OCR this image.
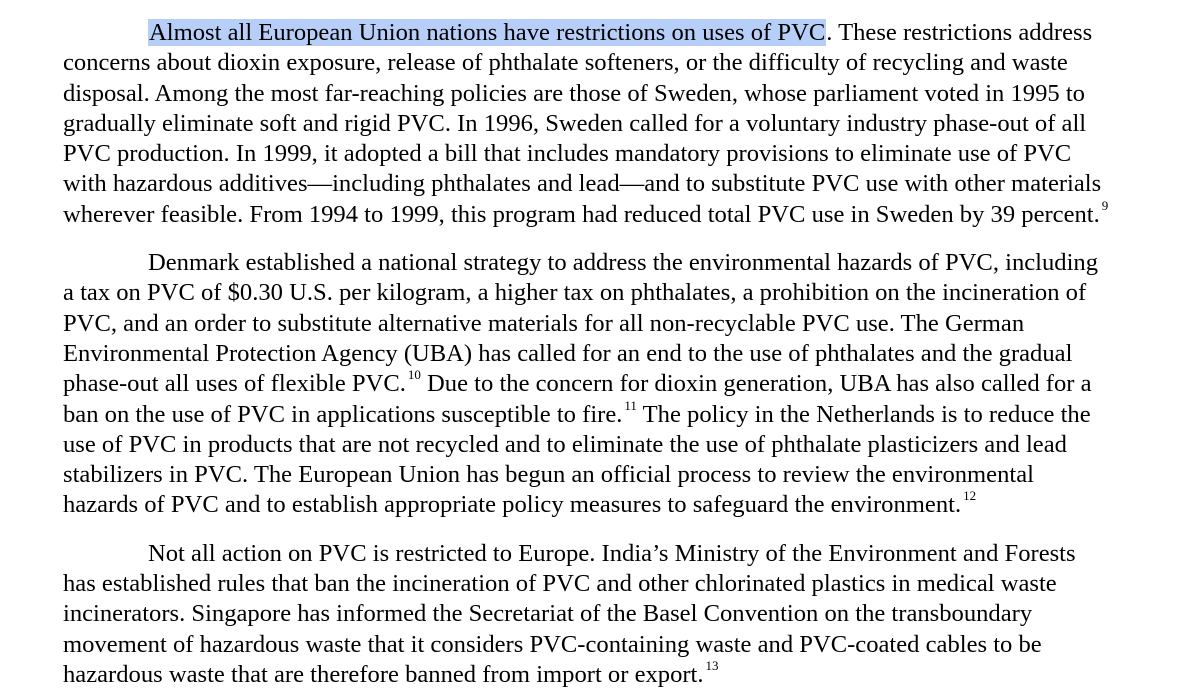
Almost all European Union nations have restrictions on uses of PVC. These restrictions address
concerns about dioxin exposure, release of phthalate softeners, or the difficulty of recycling and waste
disposal. Among the most far-reaching policies are those of Sweden, whose parliament voted in 1995 to
gradually eliminate soft and rigid PVC. In 1996, Sweden called for a voluntary industry phase-out of all
PVC production. In 1999, it adopted a bill that includes mandatory provisions to eliminate use of PVC
with hazardous additives—including phthalates and lead—and to substitute PVC use with other materials
wherever feasible. From 1994 to 1999, this program had reduced total PVC use in Sweden by 39 percent. $^9$
Denmark established a national strategy to address the environmental hazards of PVC, including
a tax on PVC of $0.30 U.S. per kilogram, a higher tax on phthalates, a prohibition on the incineration of
PVC, and an order to substitute alternative materials for all non-recyclable PVC use. The German
Environmental Protection Agency (UBA) has called for an end to the use of phthalates and the gradual
phase-out all uses of flexible PVC. $^{10}$ Due to the concern for dioxin generation, UBA has also called for a
ban on the use of PVC in applications susceptible to fire. $^{11}$ The policy in the Netherlands is to reduce the
use of PVC in products that are not recycled and to eliminate the use of phthalate plasticizers and lead
stabilizers in PVC. The European Union has begun an official process to review the environmental
hazards of PVC and to establish appropriate policy measures to safeguard the environment. $^{12}$
Not all action on PVC is restricted to Europe. India’s Ministry of the Environment and Forests
has established rules that ban the incineration of PVC and other chlorinated plastics in medical waste
incinerators. Singapore has informed the Secretariat of the Basel Convention on the transboundary
movement of hazardous waste that it considers PVC-containing waste and PVC-coated cables to be
hazardous waste that are therefore banned from import or export. $^{13}$
